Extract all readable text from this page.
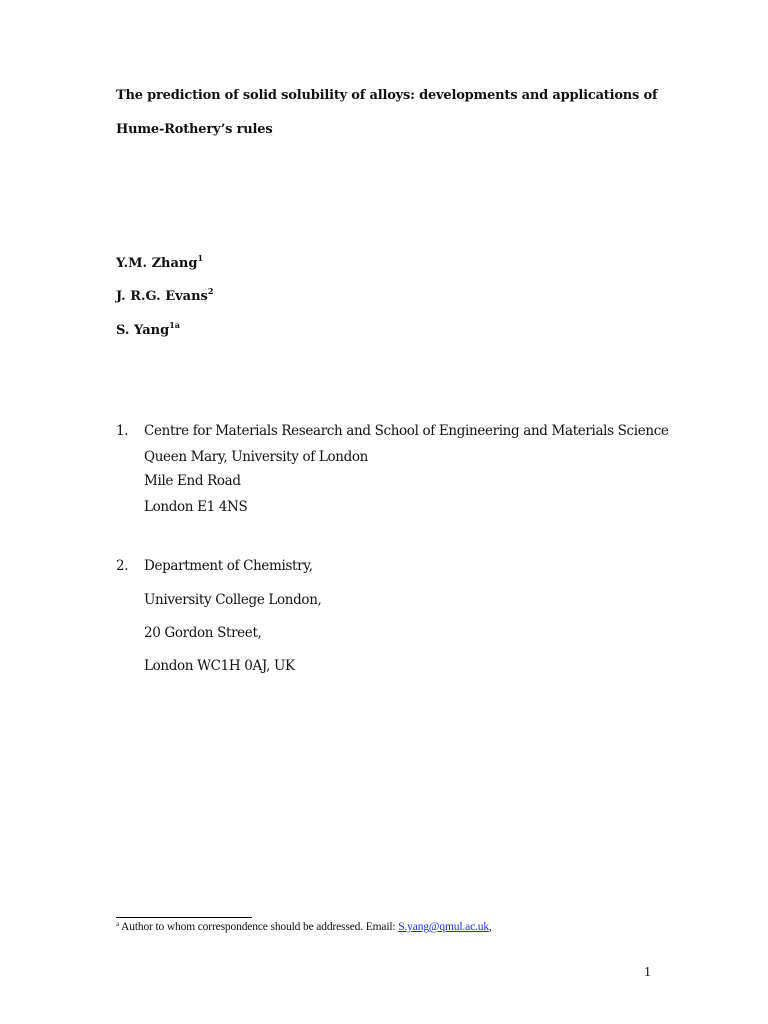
The prediction of solid solubility of alloys: developments and applications of
Hume-Rothery’s rules
Y.M. Zhang$^1$
J. R.G. Evans$^2$
S. Yang$^{1a}$
1. Centre for Materials Research and School of Engineering and Materials Science
Queen Mary, University of London
Mile End Road
London E1 4NS
2. Department of Chemistry,
University College London,
20 Gordon Street,
London WC1H 0AJ, UK
$^a$ Author to whom correspondence should be addressed. Email: S.yang@qmul.ac.uk,
1
